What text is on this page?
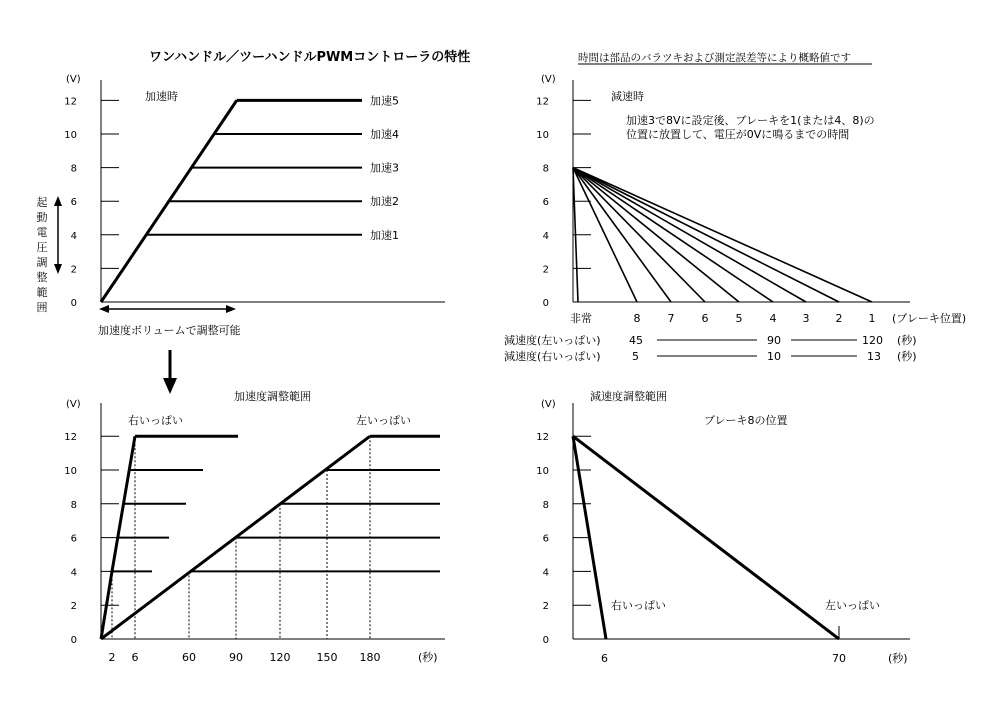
ワンハンドル／ツーハンドルPWMコントローラの特性	時間は部品のバラツキおよび測定誤差等により概略値です
(V)
0
2
4
6
8
10
12	加速時
加速1
加速2
加速3
加速4
加速5
起動電圧調整範囲
加速度ボリュームで調整可能
(V)
0
2
4
6
8
10
12	減速時
加速3で8Vに設定後、ブレーキを1(または4、8)の
位置に放置して、電圧が0Vに鳴るまでの時間
非常	8 7 6 5 4 3 2 1 (ブレーキ位置)
減速度(左いっぱい)	45	90	120 (秒)
減速度(右いっぱい)	5	10	13 (秒)
(V)
0
2
4
6
8
10
12
加速度調整範囲
右いっぱい	左いっぱい
2 6	60	90 120 150 180	(秒)
(V)
0
2
4
6
8
10
12
減速度調整範囲
ブレーキ8の位置
右いっぱい	左いっぱい
6	70	(秒)
